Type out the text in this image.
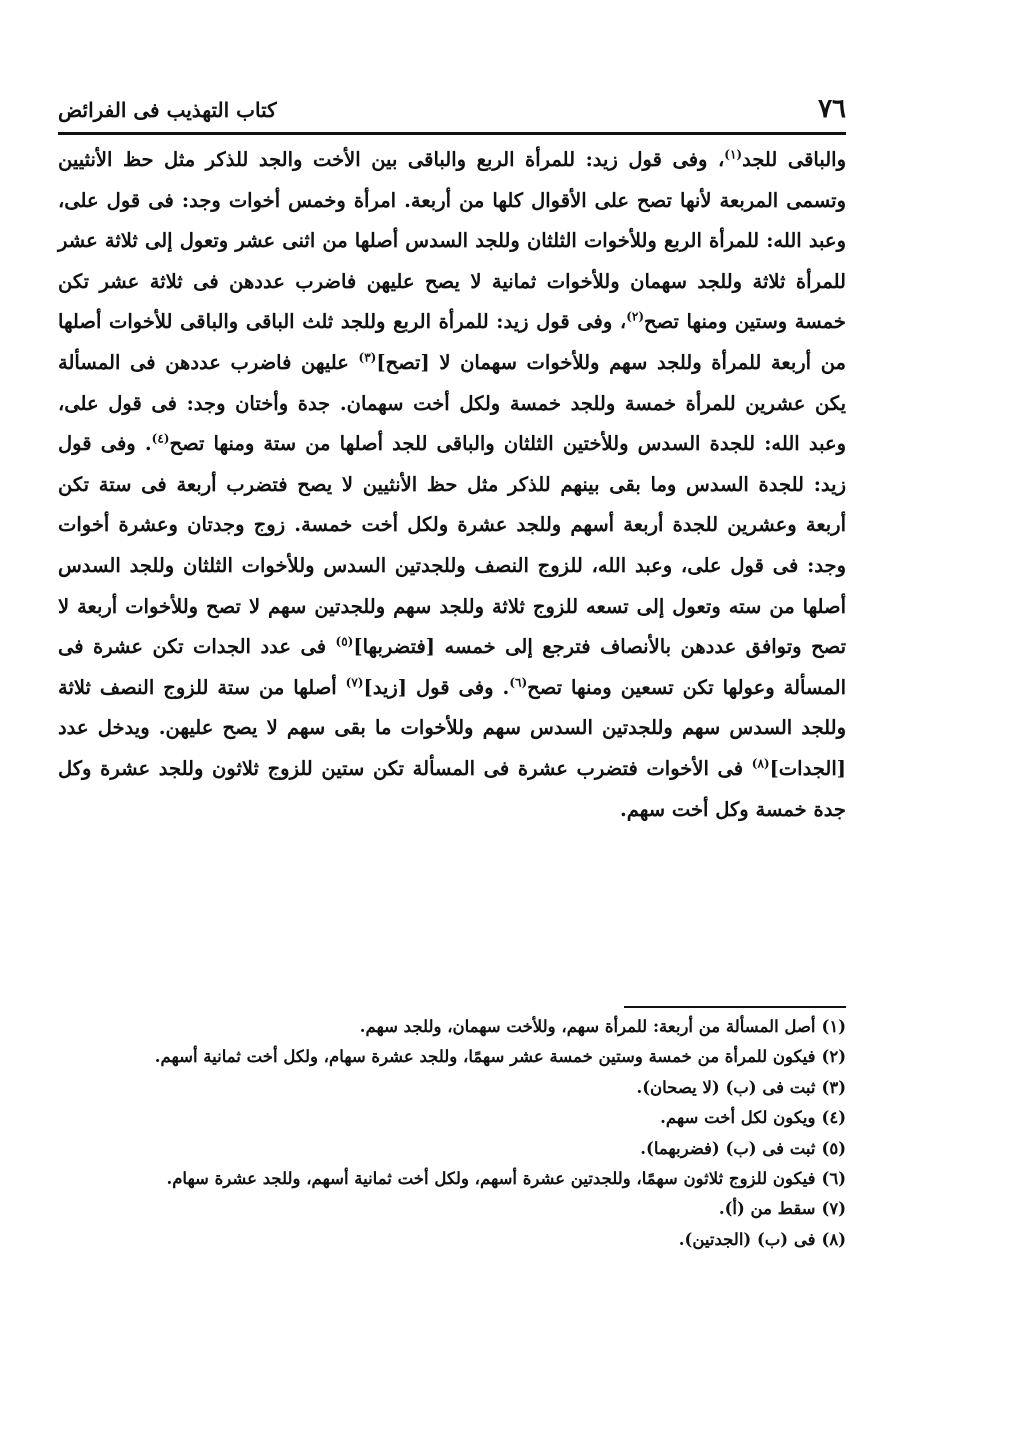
٧٦
كتاب التهذيب فى الفرائض

والباقى للجد$^{(١)}$، وفى قول زيد: للمرأة الربع والباقى بين الأخت والجد للذكر مثل حظ الأنثيين وتسمى المربعة لأنها تصح على الأقوال كلها من أربعة. امرأة وخمس أخوات وجد: فى قول على، وعبد الله: للمرأة الربع وللأخوات الثلثان وللجد السدس أصلها من اثنى عشر وتعول إلى ثلاثة عشر للمرأة ثلاثة وللجد سهمان وللأخوات ثمانية لا يصح عليهن فاضرب عددهن فى ثلاثة عشر تكن خمسة وستين ومنها تصح$^{(٢)}$، وفى قول زيد: للمرأة الربع وللجد ثلث الباقى والباقى للأخوات أصلها من أربعة للمرأة وللجد سهم وللأخوات سهمان لا [تصح]$^{(٣)}$ عليهن فاضرب عددهن فى المسألة يكن عشرين للمرأة خمسة وللجد خمسة ولكل أخت سهمان. جدة وأختان وجد: فى قول على، وعبد الله: للجدة السدس وللأختين الثلثان والباقى للجد أصلها من ستة ومنها تصح$^{(٤)}$. وفى قول زيد: للجدة السدس وما بقى بينهم للذكر مثل حظ الأنثيين لا يصح فتضرب أربعة فى ستة تكن أربعة وعشرين للجدة أربعة أسهم وللجد عشرة ولكل أخت خمسة. زوج وجدتان وعشرة أخوات وجد: فى قول على، وعبد الله، للزوج النصف وللجدتين السدس وللأخوات الثلثان وللجد السدس أصلها من سته وتعول إلى تسعه للزوج ثلاثة وللجد سهم وللجدتين سهم لا تصح وللأخوات أربعة لا تصح وتوافق عددهن بالأنصاف فترجع إلى خمسه [فتضربها]$^{(٥)}$ فى عدد الجدات تكن عشرة فى المسألة وعولها تكن تسعين ومنها تصح$^{(٦)}$. وفى قول [زيد]$^{(٧)}$ أصلها من ستة للزوج النصف ثلاثة وللجد السدس سهم وللجدتين السدس سهم وللأخوات ما بقى سهم لا يصح عليهن. ويدخل عدد [الجدات]$^{(٨)}$ فى الأخوات فتضرب عشرة فى المسألة تكن ستين للزوج ثلاثون وللجد عشرة وكل جدة خمسة وكل أخت سهم.

(١)
أصل المسألة من أربعة: للمرأة سهم، وللأخت سهمان، وللجد سهم.
(٢)
فيكون للمرأة من خمسة وستين خمسة عشر سهمًا، وللجد عشرة سهام، ولكل أخت ثمانية أسهم.
(٣)
ثبت فى (ب) (لا يصحان).
(٤)
ويكون لكل أخت سهم.
(٥)
ثبت فى (ب) (فضربهما).
(٦)
فيكون للزوج ثلاثون سهمًا، وللجدتين عشرة أسهم، ولكل أخت ثمانية أسهم، وللجد عشرة سهام.
(٧)
سقط من (أ).
(٨)
فى (ب) (الجدتين).
